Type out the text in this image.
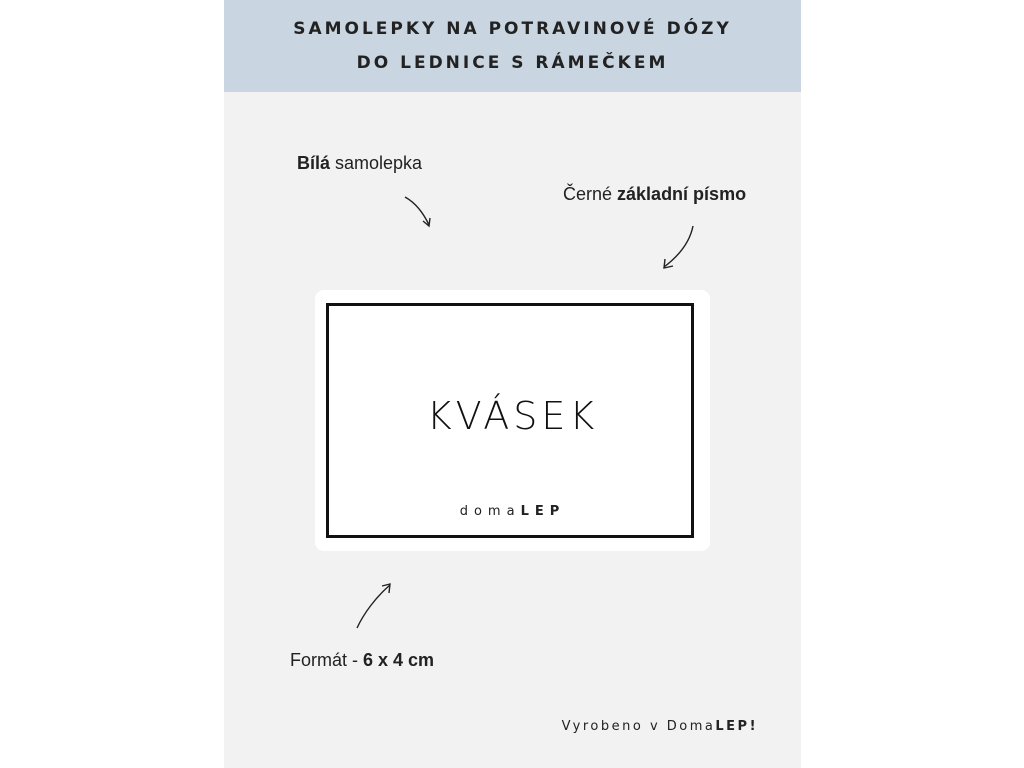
SAMOLEPKY NA POTRAVINOVÉ DÓZY
DO LEDNICE S RÁMEČKEM
Bílá samolepka
Černé základní písmo
KVÁSEK
domaLEP
Formát - 6 x 4 cm
Vyrobeno v DomaLEP!
